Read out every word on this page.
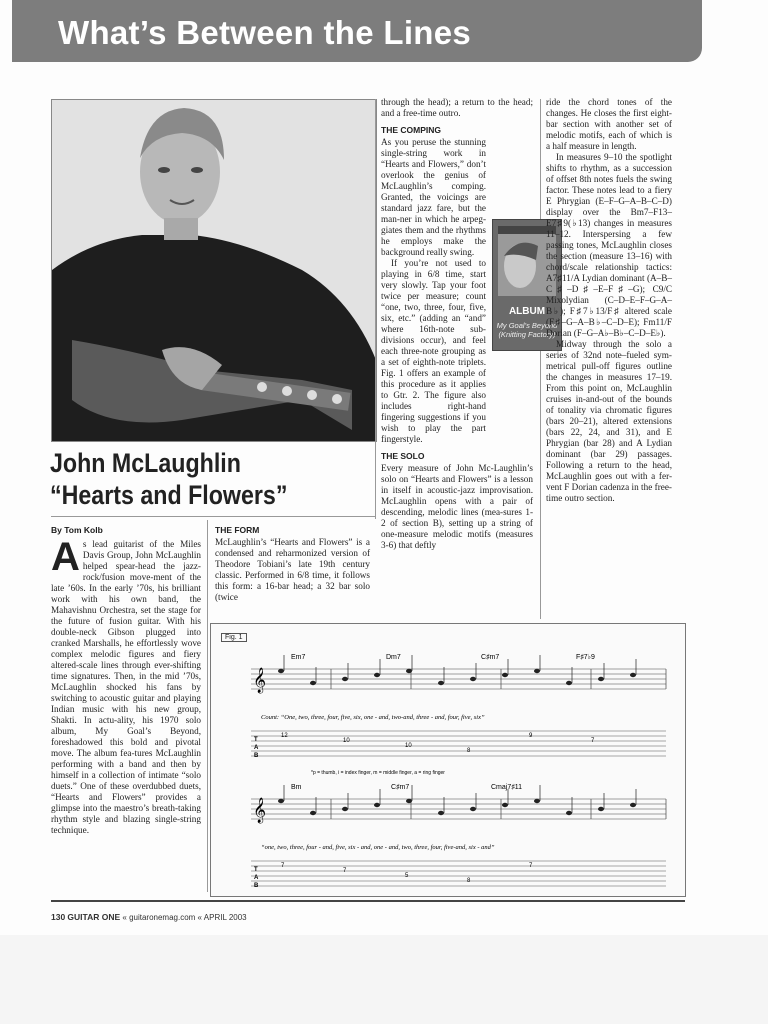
What’s Between the Lines
John McLaughlin
“Hearts and Flowers”
By Tom Kolb

As lead guitarist of the Miles Davis Group, John McLaughlin helped spear-head the jazz-rock/fusion move-ment of the late ’60s. In the early ’70s, his brilliant work with his own band, the Mahavishnu Orchestra, set the stage for the future of fusion guitar. With his double-neck Gibson plugged into cranked Marshalls, he effortlessly wove complex melodic figures and fiery altered-scale lines through ever-shifting time signatures. Then, in the mid ’70s, McLaughlin shocked his fans by switching to acoustic guitar and playing Indian music with his new group, Shakti. In actu-ality, his 1970 solo album, My Goal’s Beyond, foreshadowed this bold and pivotal move. The album fea-tures McLaughlin performing with a band and then by himself in a collection of intimate “solo duets.” One of these overdubbed duets, “Hearts and Flowers” provides a glimpse into the maestro’s breath-taking rhythm style and blazing single-string technique.

THE FORM

McLaughlin’s “Hearts and Flowers” is a condensed and reharmonized version of Theodore Tobiani’s late 19th century classic. Performed in 6/8 time, it follows this form: a 16-bar head; a 32 bar solo (twice

through the head); a return to the head; and a free-time outro.

THE COMPING

As you peruse the stunning single-string work in “Hearts and Flowers,” don’t overlook the genius of McLaughlin’s comping. Granted, the voicings are standard jazz fare, but the man-ner in which he arpeg-giates them and the rhythms he employs make the background really swing.

If you’re not used to playing in 6/8 time, start very slowly. Tap your foot twice per measure; count “one, two, three, four, five, six, etc.” (adding an “and” where 16th-note sub-divisions occur), and feel each three-note grouping as a set of eighth-note triplets. Fig. 1 offers an example of this procedure as it applies to Gtr. 2. The figure also includes right-hand fingering suggestions if you wish to play the part fingerstyle.

THE SOLO

Every measure of John Mc-Laughlin’s solo on “Hearts and Flowers” is a lesson in itself in acoustic-jazz improvisation. McLaughlin opens with a pair of descending, melodic lines (mea-sures 1-2 of section B), setting up a string of one-measure melodic motifs (measures 3-6) that deftly

ALBUM
My Goal’s Beyond
(Knitting Factory)

ride the chord tones of the changes. He closes the first eight-bar section with another set of melodic motifs, each of which is a half measure in length.

In measures 9–10 the spotlight shifts to rhythm, as a succession of offset 8th notes fuels the swing factor. These notes lead to a fiery E Phrygian (E–F–G–A–B–C–D) display over the Bm7–F13–E7♯9(♭13) changes in measures 11–12. Interspersing a few passing tones, McLaughlin closes the section (measure 13–16) with chord/scale relationship tactics: A7♯11/A Lydian dominant (A–B–C♯–D♯–E–F♯–G); C9/C Mixolydian (C–D–E–F–G–A–B♭); F♯7♭13/F♯ altered scale (F♯–G–A–B♭–C–D–E); Fm11/F Dorian (F–G–A♭–B♭–C–D–E♭).

Midway through the solo a series of 32nd note–fueled sym-metrical pull-off figures outline the changes in measures 17–19. From this point on, McLaughlin cruises in-and-out of the bounds of tonality via chromatic figures (bars 20–21), altered extensions (bars 22, 24, and 31), and E Phrygian (bar 28) and A Lydian dominant (bar 29) passages. Following a return to the head, McLaughlin goes out with a fer-vent F Dorian cadenza in the free-time outro section.

Fig. 1
Em7	Dm7	C♯m7	F♯7♭9
𝄞
Count: “One, two, three, four, five, six, one - and, two-and, three - and, four, five, six”
T
A
B
12
10
10
8
9
7
*p = thumb, i = index finger, m = middle finger, a = ring finger
Bm	C♯m7	Cmaj7♯11
𝄞
“one, two, three, four - and, five, six - and, one - and, two, three, four, five-and, six - and”
T
A
B
7
7
5
8
7
130 GUITAR ONE « guitaronemag.com « APRIL 2003
